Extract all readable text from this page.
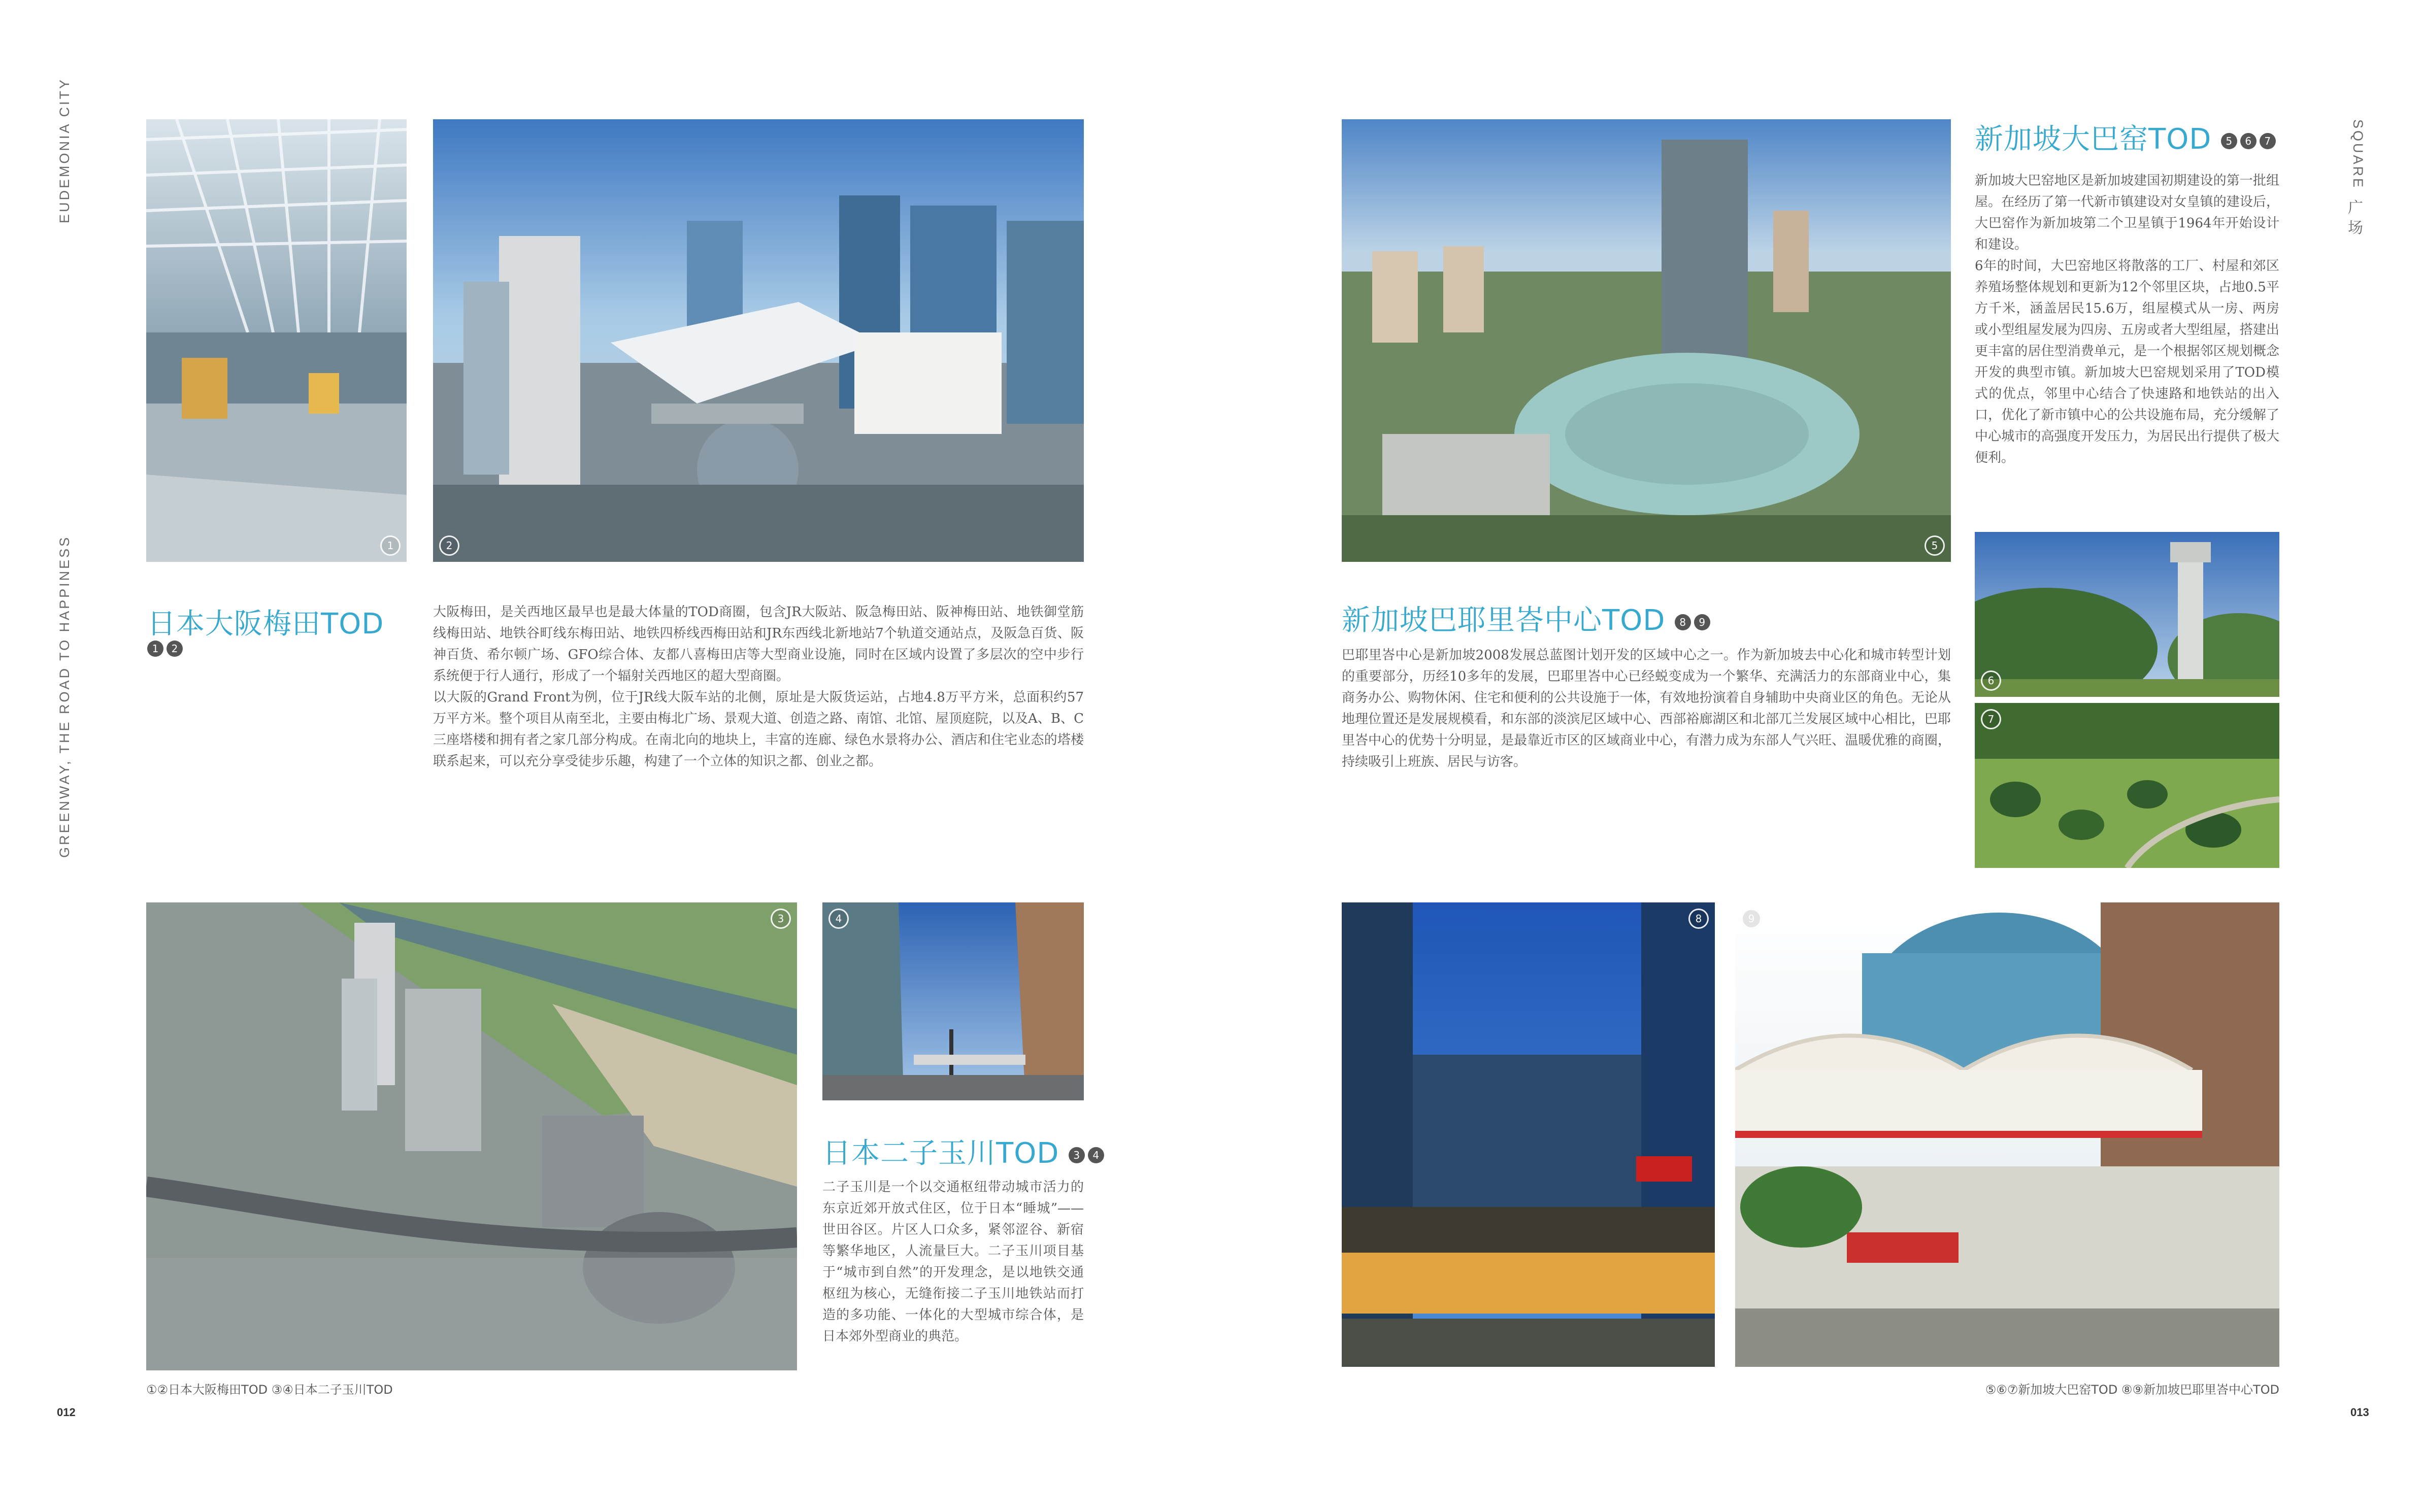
EUDEMONIA CITY
GREENWAY, THE ROAD TO HAPPINESS	1	2
日本大阪梅田TOD
1 2

大阪梅田，是关西地区最早也是最大体量的TOD商圈，包含JR大阪站、阪急梅田站、阪神梅田站、地铁御堂筋线梅田站、地铁谷町线东梅田站、地铁四桥线西梅田站和JR东西线北新地站7个轨道交通站点，及阪急百货、阪神百货、希尔顿广场、GFO综合体、友都八喜梅田店等大型商业设施，同时在区域内设置了多层次的空中步行系统便于行人通行，形成了一个辐射关西地区的超大型商圈。

以大阪的Grand Front为例，位于JR线大阪车站的北侧，原址是大阪货运站，占地4.8万平方米，总面积约57万平方米。整个项目从南至北，主要由梅北广场、景观大道、创造之路、南馆、北馆、屋顶庭院，以及A、B、C三座塔楼和拥有者之家几部分构成。在南北向的地块上，丰富的连廊、绿色水景将办公、酒店和住宅业态的塔楼联系起来，可以充分享受徒步乐趣，构建了一个立体的知识之都、创业之都。

3	4
日本二子玉川TOD 3 4

二子玉川是一个以交通枢纽带动城市活力的东京近郊开放式住区，位于日本“睡城”——世田谷区。片区人口众多，紧邻涩谷、新宿等繁华地区，人流量巨大。二子玉川项目基于“城市到自然”的开发理念，是以地铁交通枢纽为核心，无缝衔接二子玉川地铁站而打造的多功能、一体化的大型城市综合体，是日本郊外型商业的典范。

①②日本大阪梅田TOD ③④日本二子玉川TOD
012
SQUARE
广场
5
新加坡大巴窑TOD 5 6 7

新加坡大巴窑地区是新加坡建国初期建设的第一批组屋。在经历了第一代新市镇建设对女皇镇的建设后，大巴窑作为新加坡第二个卫星镇于1964年开始设计和建设。

6年的时间，大巴窑地区将散落的工厂、村屋和郊区养殖场整体规划和更新为12个邻里区块，占地0.5平方千米，涵盖居民15.6万，组屋模式从一房、两房或小型组屋发展为四房、五房或者大型组屋，搭建出更丰富的居住型消费单元，是一个根据邻区规划概念开发的典型市镇。新加坡大巴窑规划采用了TOD模式的优点，邻里中心结合了快速路和地铁站的出入口，优化了新市镇中心的公共设施布局，充分缓解了中心城市的高强度开发压力，为居民出行提供了极大便利。

6
7
新加坡巴耶里峇中心TOD 8 9

巴耶里峇中心是新加坡2008发展总蓝图计划开发的区域中心之一。作为新加坡去中心化和城市转型计划的重要部分，历经10多年的发展，巴耶里峇中心已经蜕变成为一个繁华、充满活力的东部商业中心，集商务办公、购物休闲、住宅和便利的公共设施于一体，有效地扮演着自身辅助中央商业区的角色。无论从地理位置还是发展规模看，和东部的淡滨尼区域中心、西部裕廊湖区和北部兀兰发展区域中心相比，巴耶里峇中心的优势十分明显，是最靠近市区的区域商业中心，有潜力成为东部人气兴旺、温暖优雅的商圈，持续吸引上班族、居民与访客。

8	9
⑤⑥⑦新加坡大巴窑TOD ⑧⑨新加坡巴耶里峇中心TOD
013
